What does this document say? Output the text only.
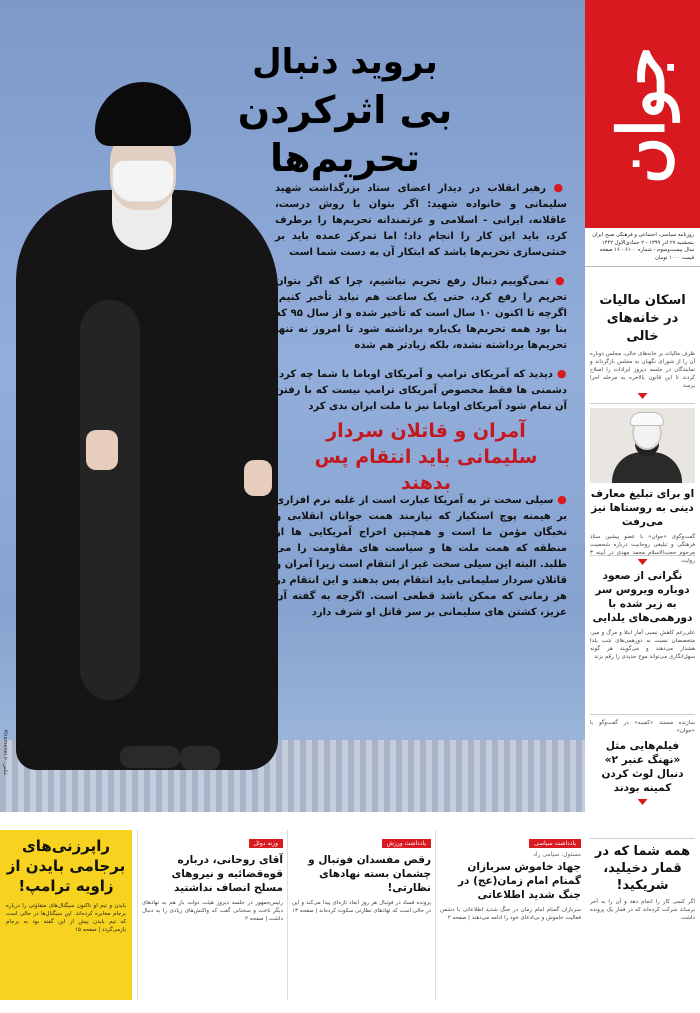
بروید دنبال
بی اثرکردن تحریم‌ها

● رهبر انقلاب در دیدار اعضای ستاد بزرگداشت شهید سلیمانی و خانواده شهید: اگر بتوان با روش درست، عاقلانه، ایرانی - اسلامی و عزتمندانه تحریم‌ها را برطرف کرد، باید این کار را انجام داد؛ اما تمرکز عمده باید بر خنثی‌سازی تحریم‌ها باشد که ابتکار آن به دست شما است

● نمی‌گوییم دنبال رفع تحریم نباشیم، چرا که اگر بتوان تحریم را رفع کرد، حتی یک ساعت هم نباید تأخیر کنیم. اگرچه تا اکنون ۱۰ سال است که تأخیر شده و از سال ۹۵ که بنا بود همه تحریم‌ها یک‌باره برداشته شود تا امروز نه تنها تحریم‌ها برداشته نشده، بلکه زیادتر هم شده

● دیدید که آمریکای ترامپ و آمریکای اوباما با شما چه کرد؛ دشمنی ها فقط مخصوص آمریکای ترامپ نیست که با رفتن آن تمام شود آمریکای اوباما نیز با ملت ایران بدی کرد

آمران و قاتلان سردار سلیمانی باید انتقام پس بدهند

● سیلی سخت تر به آمریکا عبارت است از غلبه نرم افزاری بر هیمنه پوچ استکبار که نیازمند همت جوانان انقلابی و نخبگان مؤمن ما است و همچنین اخراج آمریکایی ها از منطقه که همت ملت ها و سیاست های مقاومت را می طلبد. البته این سیلی سخت غیر از انتقام است زیرا آمران و قاتلان سردار سلیمانی باید انتقام پس بدهند و این انتقام در هر زمانی که ممکن باشد قطعی است. اگرچه به گفته آن عزیز، کشتن های سلیمانی بر سر قاتل او شرف دارد

عکس: Khamenei.ir
جوان
روزنامه سیاسی، اجتماعی و فرهنگی صبح ایران
پنجشنبه ۲۷ آذر ۱۳۹۹ - ۲ جمادی‌الاول ۱۴۴۲
سال بیست‌وسوم - شماره ۶۱۰۰ - ۱۶ صفحه
قیمت ۱۰۰۰ تومان
اسکان مالیات در خانه‌های خالی
ظرف مالیات بر خانه‌های خالی، مجلس دوباره آن را از شورای نگهبان به مجلس بازگرداند و نمایندگان در جلسه دیروز ایرادات را اصلاح کردند تا این قانون بالاخره به مرحله اجرا برسد
او برای تبلیغ معارف دینی به روستاها نیز می‌رفت
گفت‌وگوی «جوان» با عضو پیشین ستاد فرهنگی و تبلیغی روحانیت درباره شخصیت مرحوم حجت‌الاسلام محمد مهدی در آیینه ۳ روایت
نگرانی از صعود دوباره ویروس سر به زیر شده با دورهمی‌های یلدایی
علی‌رغم کاهش نسبی آمار ابتلا و مرگ و میر، متخصصان نسبت به دورهمی‌های شب یلدا هشدار می‌دهند و می‌گویند هر گونه سهل‌انگاری می‌تواند موج جدیدی را رقم بزند
سازنده مستند «کمینه» در گفت‌وگو با «جوان»
فیلم‌هایی مثل «نهنگ عنبر ۲» دنبال لوث کردن کمینه بودند
همه شما که در قمار دخیلید، شریکید!
اگر کسی کار را انجام دهد و آن را به آخر برساند شرکت کرده‌اند که در قمار یک پرونده داشت
یادداشت سیاسی
مسئول: سیامی راد
جهاد خاموش سربازان گمنام امام زمان(عج) در جنگ شدید اطلاعاتی
سربازان گمنام امام زمان در جنگ شدید اطلاعاتی با دشمن فعالیت خاموش و بی‌ادعای خود را ادامه می‌دهند | صفحه ۲
یادداشت ورزش
رقص مفسدان فوتبال و چشمان بسته نهادهای نظارتی!
پرونده فساد در فوتبال هر روز ابعاد تازه‌ای پیدا می‌کند و این در حالی است که نهادهای نظارتی سکوت کرده‌اند | صفحه ۱۳
وزنه دوئل
آقای روحانی، درباره قوه‌قضائیه و نیروهای مسلح انصاف نداشتید
رئیس‌جمهور در جلسه دیروز هیئت دولت باز هم به نهادهای دیگر تاخت و سخنانی گفت که واکنش‌های زیادی را به دنبال داشت | صفحه ۲
راپرزنی‌های برجامی بایدن از زاویه ترامپ!
بایدن و تیم او تاکنون سیگنال‌های متفاوتی را درباره برجام مخابره کرده‌اند. این سیگنال‌ها در حالی است که تیم بایدن پیش از این گفته بود به برجام بازمی‌گردد | صفحه ۱۵
